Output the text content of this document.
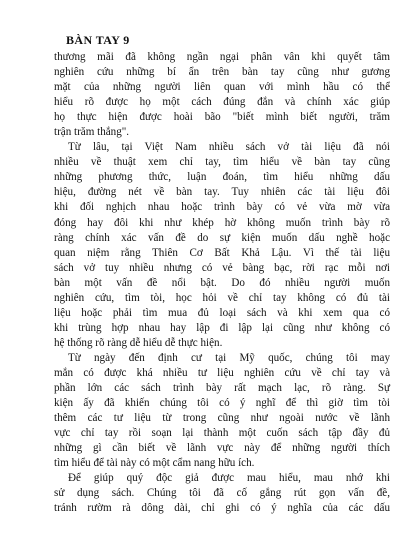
BÀN TAY 9
thương mãi đã không ngần ngại phân vân khi quyết tâm
nghiên cứu những bí ẩn trên bàn tay cũng như gương
mặt của những người liên quan với mình hầu có thể
hiểu rõ được họ một cách đúng đắn và chính xác giúp
họ thực hiện được hoài bão "biết mình biết người, trăm
trận trăm thắng".
Từ lâu, tại Việt Nam nhiều sách vở tài liệu đã nói
nhiều về thuật xem chỉ tay, tìm hiểu về bàn tay cũng
những phương thức, luận đoán, tìm hiểu những dấu
hiệu, đường nét về bàn tay. Tuy nhiên các tài liệu đôi
khi đối nghịch nhau hoặc trình bày có vẻ vừa mờ vừa
đóng hay đôi khi như khép hờ không muốn trình bày rõ
ràng chính xác vấn đề do sự kiện muốn dấu nghề hoặc
quan niệm rằng Thiên Cơ Bất Khả Lậu. Vì thế tài liệu
sách vở tuy nhiều nhưng có vẻ bàng bạc, rời rạc mỗi nơi
bàn một vấn đề nổi bật. Do đó nhiều người muốn
nghiên cứu, tìm tòi, học hỏi về chỉ tay không có đủ tài
liệu hoặc phải tìm mua đủ loại sách và khi xem qua có
khi trùng hợp nhau hay lập đi lập lại cũng như không có
hệ thống rõ ràng dễ hiểu dễ thực hiện.
Từ ngày đến định cư tại Mỹ quốc, chúng tôi may
mắn có được khá nhiều tư liệu nghiên cứu về chỉ tay và
phần lớn các sách trình bày rất mạch lạc, rõ ràng. Sự
kiện ấy đã khiến chúng tôi có ý nghĩ để thì giờ tìm tòi
thêm các tư liệu từ trong cũng như ngoài nước về lãnh
vực chỉ tay rồi soạn lại thành một cuốn sách tập đầy đủ
những gì cần biết về lãnh vực này để những người thích
tìm hiểu để tài này có một cẩm nang hữu ích.
Để giúp quý độc giả được mau hiểu, mau nhớ khi
sử dụng sách. Chúng tôi đã cố gắng rút gọn vấn đề,
tránh rườm rà dông dài, chỉ ghi có ý nghĩa của các dấu
